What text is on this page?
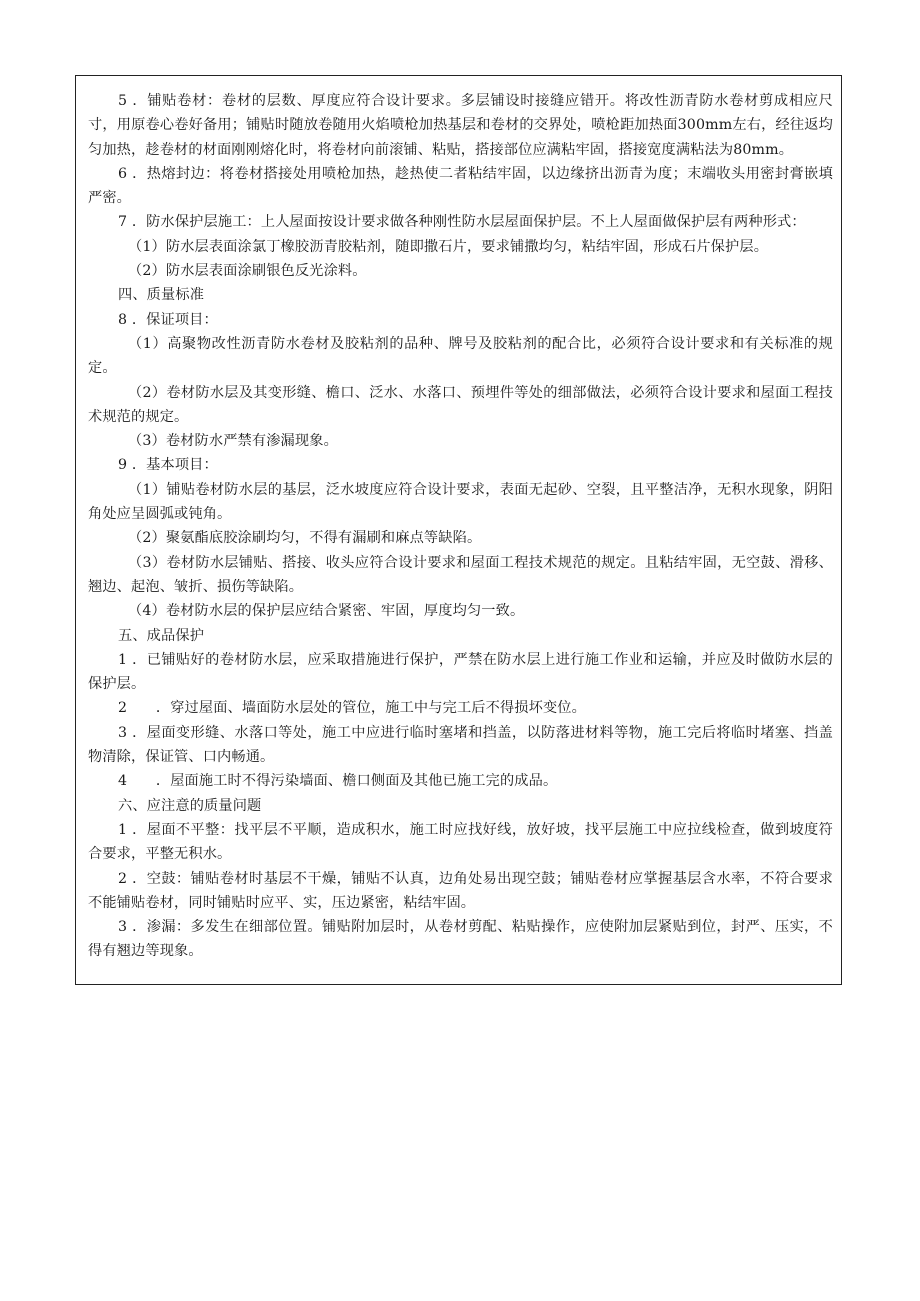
5 ．铺贴卷材：卷材的层数、厚度应符合设计要求。多层铺设时接缝应错开。将改性沥青防水卷材剪成相应尺寸，用原卷心卷好备用；铺贴时随放卷随用火焰喷枪加热基层和卷材的交界处，喷枪距加热面300mm左右，经往返均匀加热，趁卷材的材面刚刚熔化时，将卷材向前滚铺、粘贴，搭接部位应满粘牢固，搭接宽度满粘法为80mm。

6 ．热熔封边：将卷材搭接处用喷枪加热，趁热使二者粘结牢固，以边缘挤出沥青为度；末端收头用密封膏嵌填严密。

7 ．防水保护层施工：上人屋面按设计要求做各种刚性防水层屋面保护层。不上人屋面做保护层有两种形式：

（1）防水层表面涂氯丁橡胶沥青胶粘剂，随即撒石片，要求铺撒均匀，粘结牢固，形成石片保护层。

（2）防水层表面涂刷银色反光涂料。

四、质量标准

8 ．保证项目：

（1）高聚物改性沥青防水卷材及胶粘剂的品种、牌号及胶粘剂的配合比，必须符合设计要求和有关标准的规定。

（2）卷材防水层及其变形缝、檐口、泛水、水落口、预埋件等处的细部做法，必须符合设计要求和屋面工程技术规范的规定。

（3）卷材防水严禁有渗漏现象。

9 ．基本项目：

（1）铺贴卷材防水层的基层，泛水坡度应符合设计要求，表面无起砂、空裂，且平整洁净，无积水现象，阴阳角处应呈圆弧或钝角。

（2）聚氨酯底胶涂刷均匀，不得有漏刷和麻点等缺陷。

（3）卷材防水层铺贴、搭接、收头应符合设计要求和屋面工程技术规范的规定。且粘结牢固，无空鼓、滑移、翘边、起泡、皱折、损伤等缺陷。

（4）卷材防水层的保护层应结合紧密、牢固，厚度均匀一致。

五、成品保护

1 ．已铺贴好的卷材防水层，应采取措施进行保护，严禁在防水层上进行施工作业和运输，并应及时做防水层的保护层。

2　　．穿过屋面、墙面防水层处的管位，施工中与完工后不得损坏变位。

3 ．屋面变形缝、水落口等处，施工中应进行临时塞堵和挡盖，以防落进材料等物，施工完后将临时堵塞、挡盖物清除，保证管、口内畅通。

4　　．屋面施工时不得污染墙面、檐口侧面及其他已施工完的成品。

六、应注意的质量问题

1 ．屋面不平整：找平层不平顺，造成积水，施工时应找好线，放好坡，找平层施工中应拉线检查，做到坡度符合要求，平整无积水。

2 ．空鼓：铺贴卷材时基层不干燥，铺贴不认真，边角处易出现空鼓；铺贴卷材应掌握基层含水率，不符合要求不能铺贴卷材，同时铺贴时应平、实，压边紧密，粘结牢固。

3 ．渗漏：多发生在细部位置。铺贴附加层时，从卷材剪配、粘贴操作，应使附加层紧贴到位，封严、压实，不得有翘边等现象。
